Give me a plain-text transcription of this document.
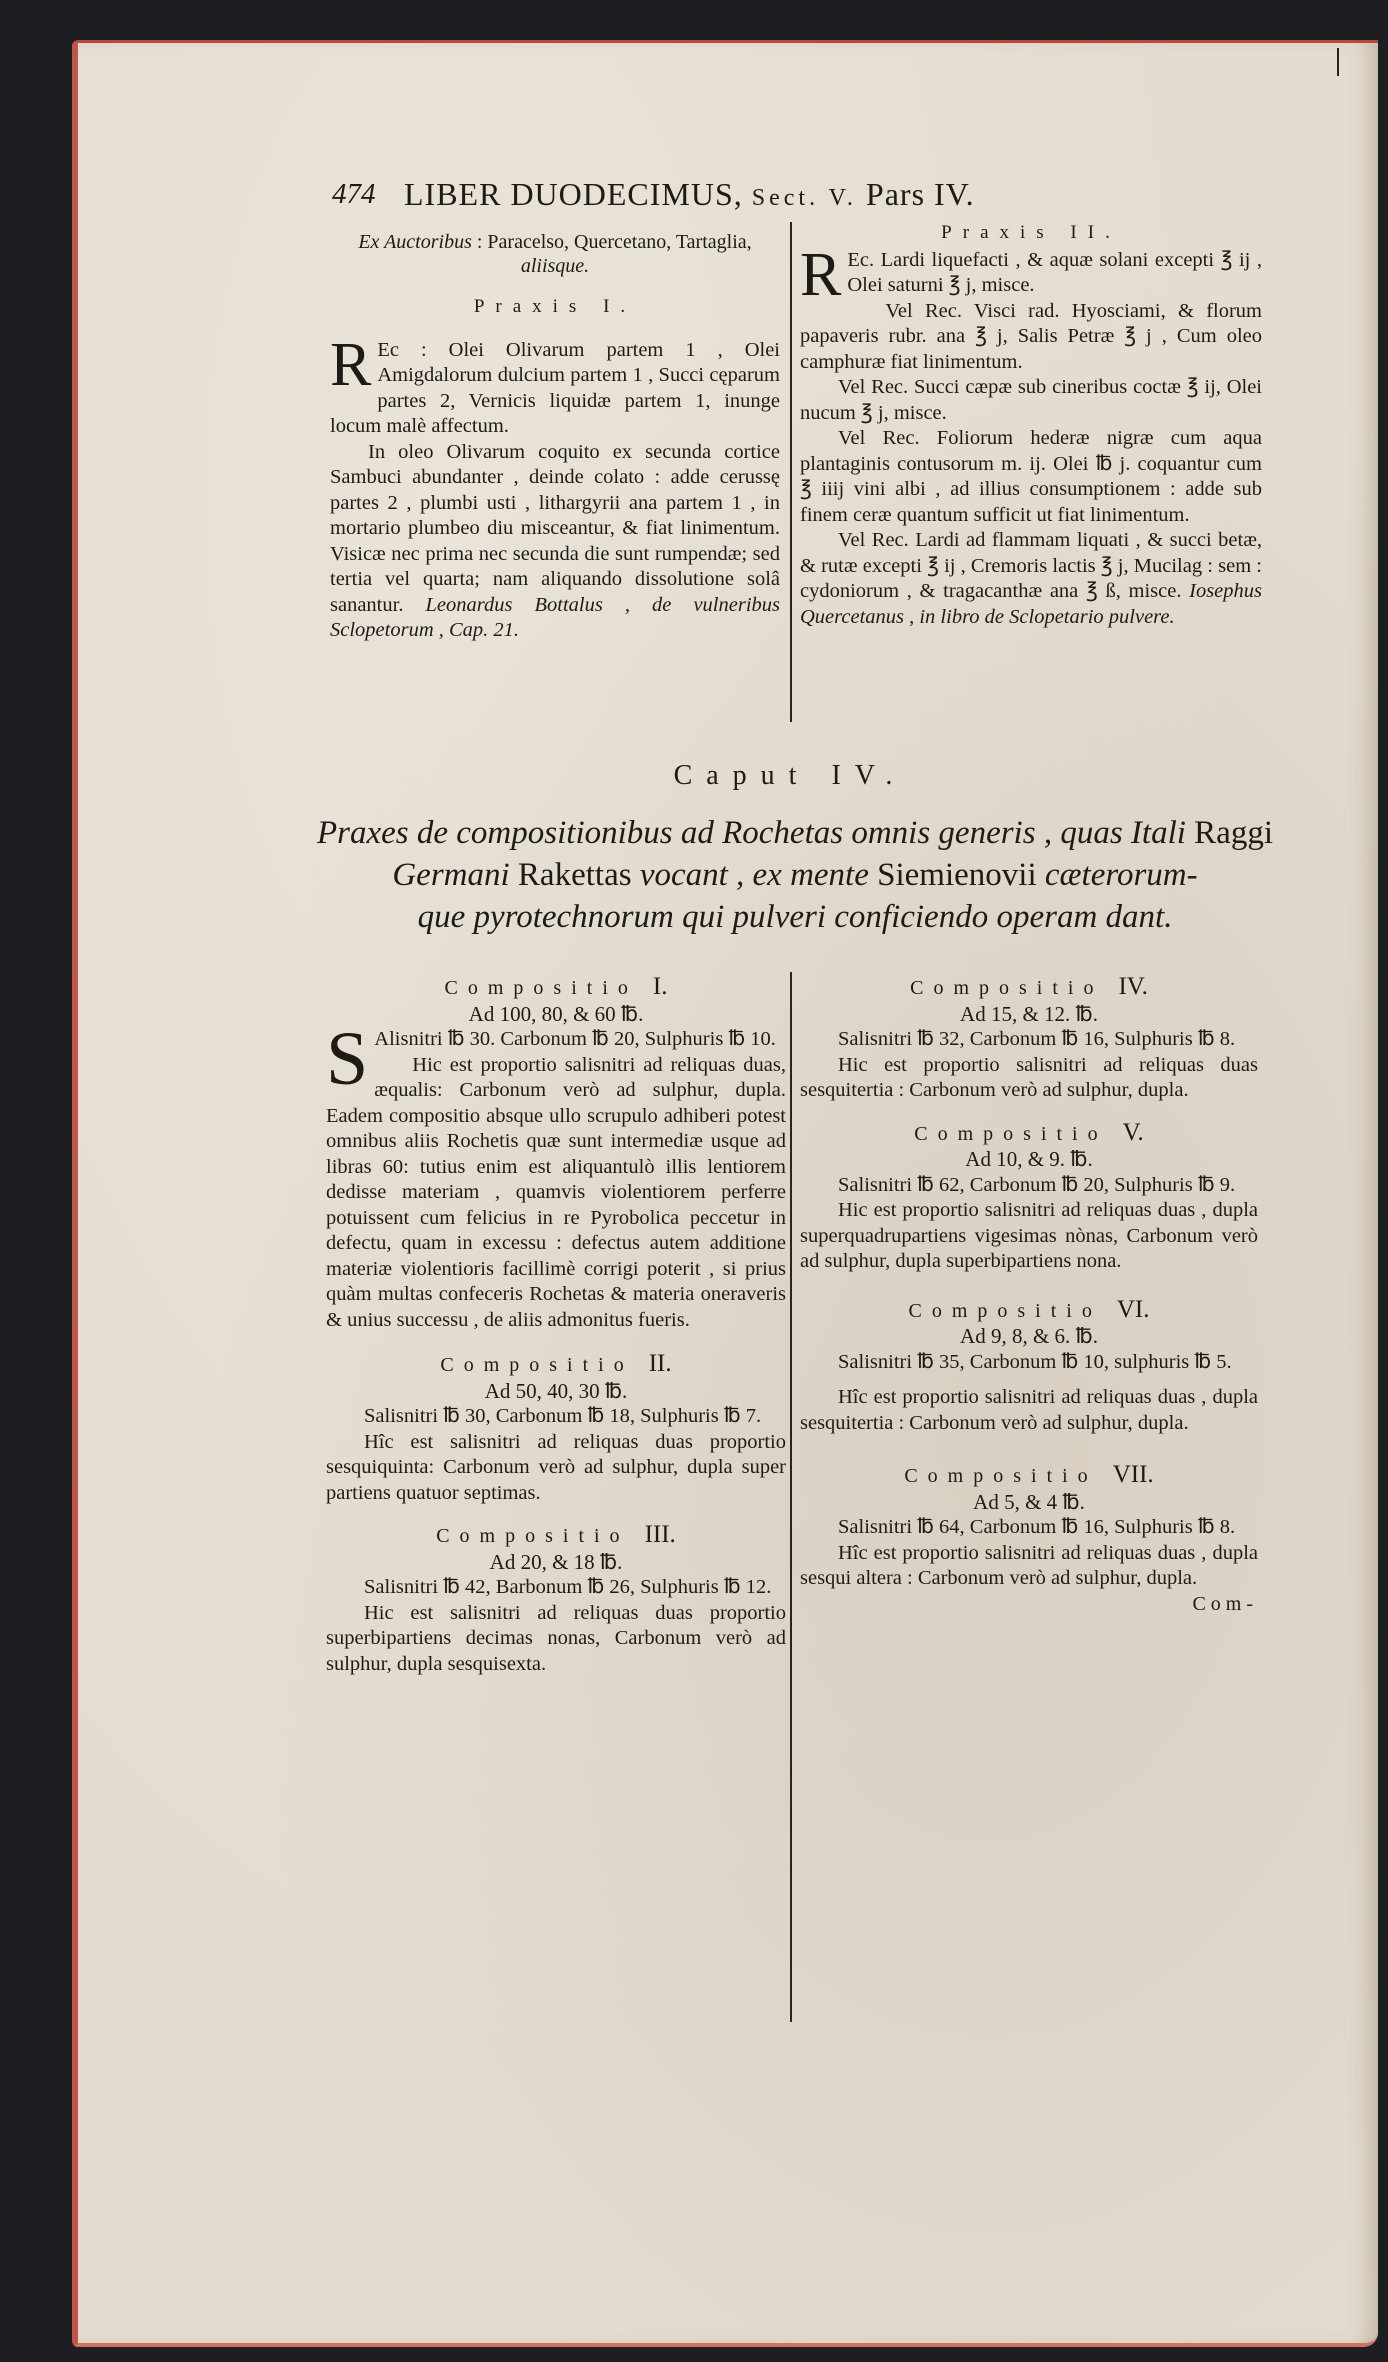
474 LIBER DUODECIMUS, Sect. V. Pars IV.

Ex Auctoribus : Paracelso, Quercetano, Tartaglia, aliisque.

Praxis I.

R Ec : Olei Olivarum partem 1 , Olei Amigdalorum dulcium partem 1 , Succi cęparum partes 2, Vernicis liquidæ partem 1, inunge locum malè affectum.

In oleo Olivarum coquito ex secunda cortice Sambuci abundanter , deinde colato : adde cerussę partes 2 , plumbi usti , lithargyrii ana partem 1 , in mortario plumbeo diu misceantur, & fiat linimentum. Visicæ nec prima nec secunda die sunt rumpendæ; sed tertia vel quarta; nam aliquando dissolutione solâ sanantur. Leonardus Bottalus , de vulneribus Sclopetorum , Cap. 21.

Praxis II.

R Ec. Lardi liquefacti , & aquæ solani excepti ℥ ij , Olei saturni ℥ j, misce.

Vel Rec. Visci rad. Hyosciami, & florum papaveris rubr. ana ℥ j, Salis Petræ ℥ j , Cum oleo camphuræ fiat linimentum.

Vel Rec. Succi cæpæ sub cineribus coctæ ℥ ij, Olei nucum ℥ j, misce.

Vel Rec. Foliorum hederæ nigræ cum aqua plantaginis contusorum m. ij. Olei ℔ j. coquantur cum ℥ iiij vini albi , ad illius consumptionem : adde sub finem ceræ quantum sufficit ut fiat linimentum.

Vel Rec. Lardi ad flammam liquati , & succi betæ, & rutæ excepti ℥ ij , Cremoris lactis ℥ j, Mucilag : sem : cydoniorum , & tragacanthæ ana ℥ ß, misce. Iosephus Quercetanus , in libro de Sclopetario pulvere.

Caput IV.
Praxes de compositionibus ad Rochetas omnis generis , quas Itali Raggi
Germani Rakettas vocant , ex mente Siemienovii cæterorum-
que pyrotechnorum qui pulveri conficiendo operam dant.

Compositio I.

Ad 100, 80, & 60 ℔.

S Alisnitri ℔ 30. Carbonum ℔ 20, Sulphuris ℔ 10.

Hic est proportio salisnitri ad reliquas duas, æqualis: Carbonum verò ad sulphur, dupla. Eadem compositio absque ullo scrupulo adhiberi potest omnibus aliis Rochetis quæ sunt intermediæ usque ad libras 60: tutius enim est aliquantulò illis lentiorem dedisse materiam , quamvis violentiorem perferre potuissent cum felicius in re Pyrobolica peccetur in defectu, quam in excessu : defectus autem additione materiæ violentioris facillimè corrigi poterit , si prius quàm multas confeceris Rochetas & materia oneraveris & unius successu , de aliis admonitus fueris.

Compositio II.

Ad 50, 40, 30 ℔.

Salisnitri ℔ 30, Carbonum ℔ 18, Sulphuris ℔ 7.

Hîc est salisnitri ad reliquas duas proportio sesquiquinta: Carbonum verò ad sulphur, dupla super partiens quatuor septimas.

Compositio III.

Ad 20, & 18 ℔.

Salisnitri ℔ 42, Barbonum ℔ 26, Sulphuris ℔ 12.

Hic est salisnitri ad reliquas duas proportio superbipartiens decimas nonas, Carbonum verò ad sulphur, dupla sesquisexta.

Compositio IV.

Ad 15, & 12. ℔.

Salisnitri ℔ 32, Carbonum ℔ 16, Sulphuris ℔ 8.

Hic est proportio salisnitri ad reliquas duas sesquitertia : Carbonum verò ad sulphur, dupla.

Compositio V.

Ad 10, & 9. ℔.

Salisnitri ℔ 62, Carbonum ℔ 20, Sulphuris ℔ 9.

Hic est proportio salisnitri ad reliquas duas , dupla superquadrupartiens vigesimas nònas, Carbonum verò ad sulphur, dupla superbipartiens nona.

Compositio VI.

Ad 9, 8, & 6. ℔.

Salisnitri ℔ 35, Carbonum ℔ 10, sulphuris ℔ 5.

Hîc est proportio salisnitri ad reliquas duas , dupla sesquitertia : Carbonum verò ad sulphur, dupla.

Compositio VII.

Ad 5, & 4 ℔.

Salisnitri ℔ 64, Carbonum ℔ 16, Sulphuris ℔ 8.

Hîc est proportio salisnitri ad reliquas duas , dupla sesqui altera : Carbonum verò ad sulphur, dupla.

Com-
